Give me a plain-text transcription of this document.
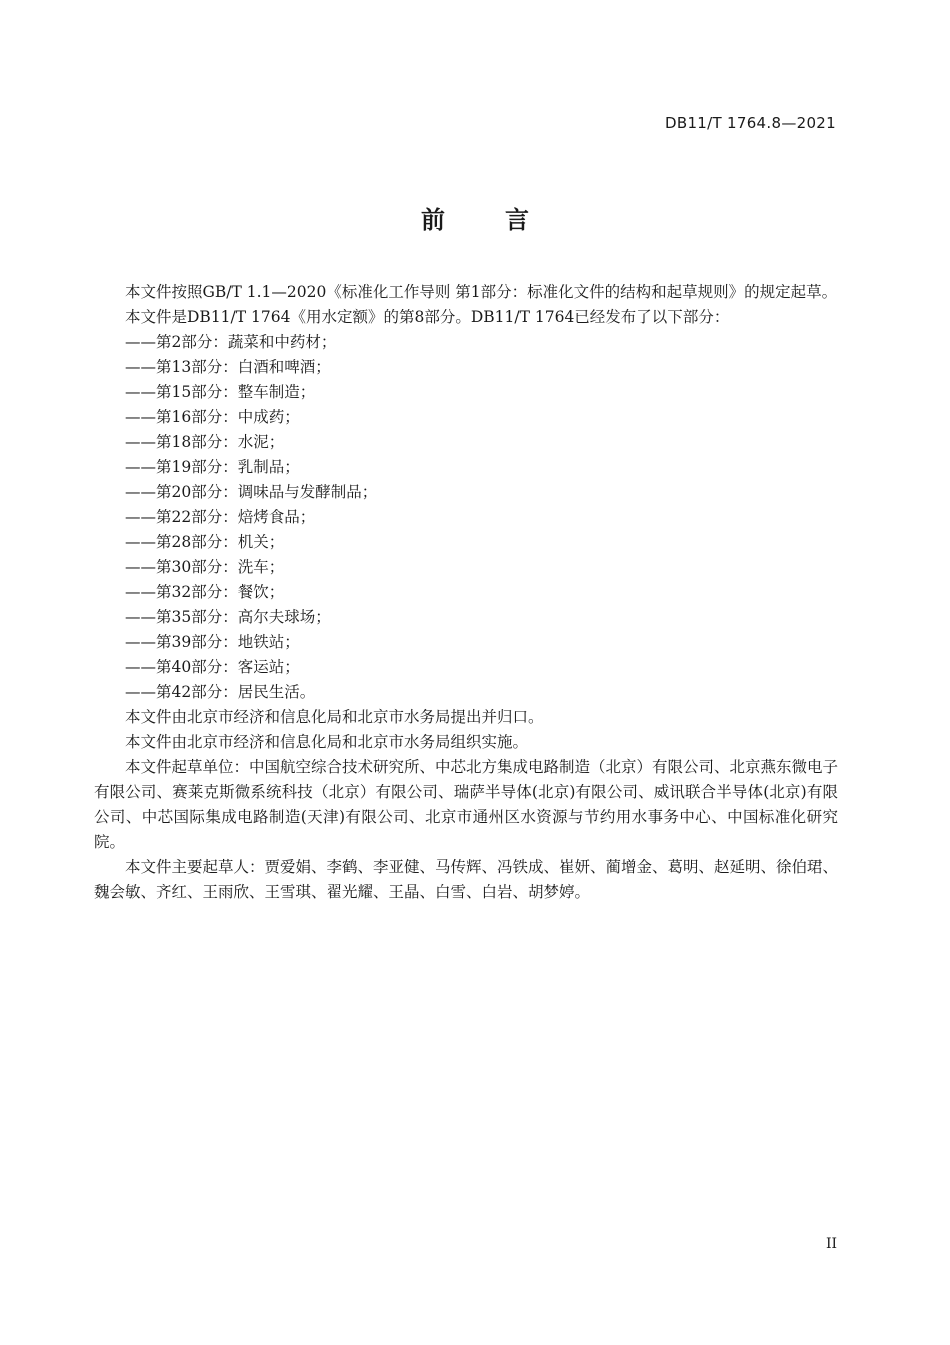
DB11/T 1764.8—2021
前	言

本文件按照GB/T 1.1—2020《标准化工作导则 第1部分：标准化文件的结构和起草规则》的规定起草。

本文件是DB11/T 1764《用水定额》的第8部分。DB11/T 1764已经发布了以下部分：

——第2部分：蔬菜和中药材；
——第13部分：白酒和啤酒；
——第15部分：整车制造；
——第16部分：中成药；
——第18部分：水泥；
——第19部分：乳制品；
——第20部分：调味品与发酵制品；
——第22部分：焙烤食品；
——第28部分：机关；
——第30部分：洗车；
——第32部分：餐饮；
——第35部分：高尔夫球场；
——第39部分：地铁站；
——第40部分：客运站；
——第42部分：居民生活。

本文件由北京市经济和信息化局和北京市水务局提出并归口。

本文件由北京市经济和信息化局和北京市水务局组织实施。

本文件起草单位：中国航空综合技术研究所、中芯北方集成电路制造（北京）有限公司、北京燕东微电子有限公司、赛莱克斯微系统科技（北京）有限公司、瑞萨半导体(北京)有限公司、威讯联合半导体(北京)有限公司、中芯国际集成电路制造(天津)有限公司、北京市通州区水资源与节约用水事务中心、中国标准化研究院。

本文件主要起草人：贾爱娟、李鹤、李亚健、马传辉、冯铁成、崔妍、蔺增金、葛明、赵延明、徐伯珺、魏会敏、齐红、王雨欣、王雪琪、翟光耀、王晶、白雪、白岩、胡梦婷。

II
